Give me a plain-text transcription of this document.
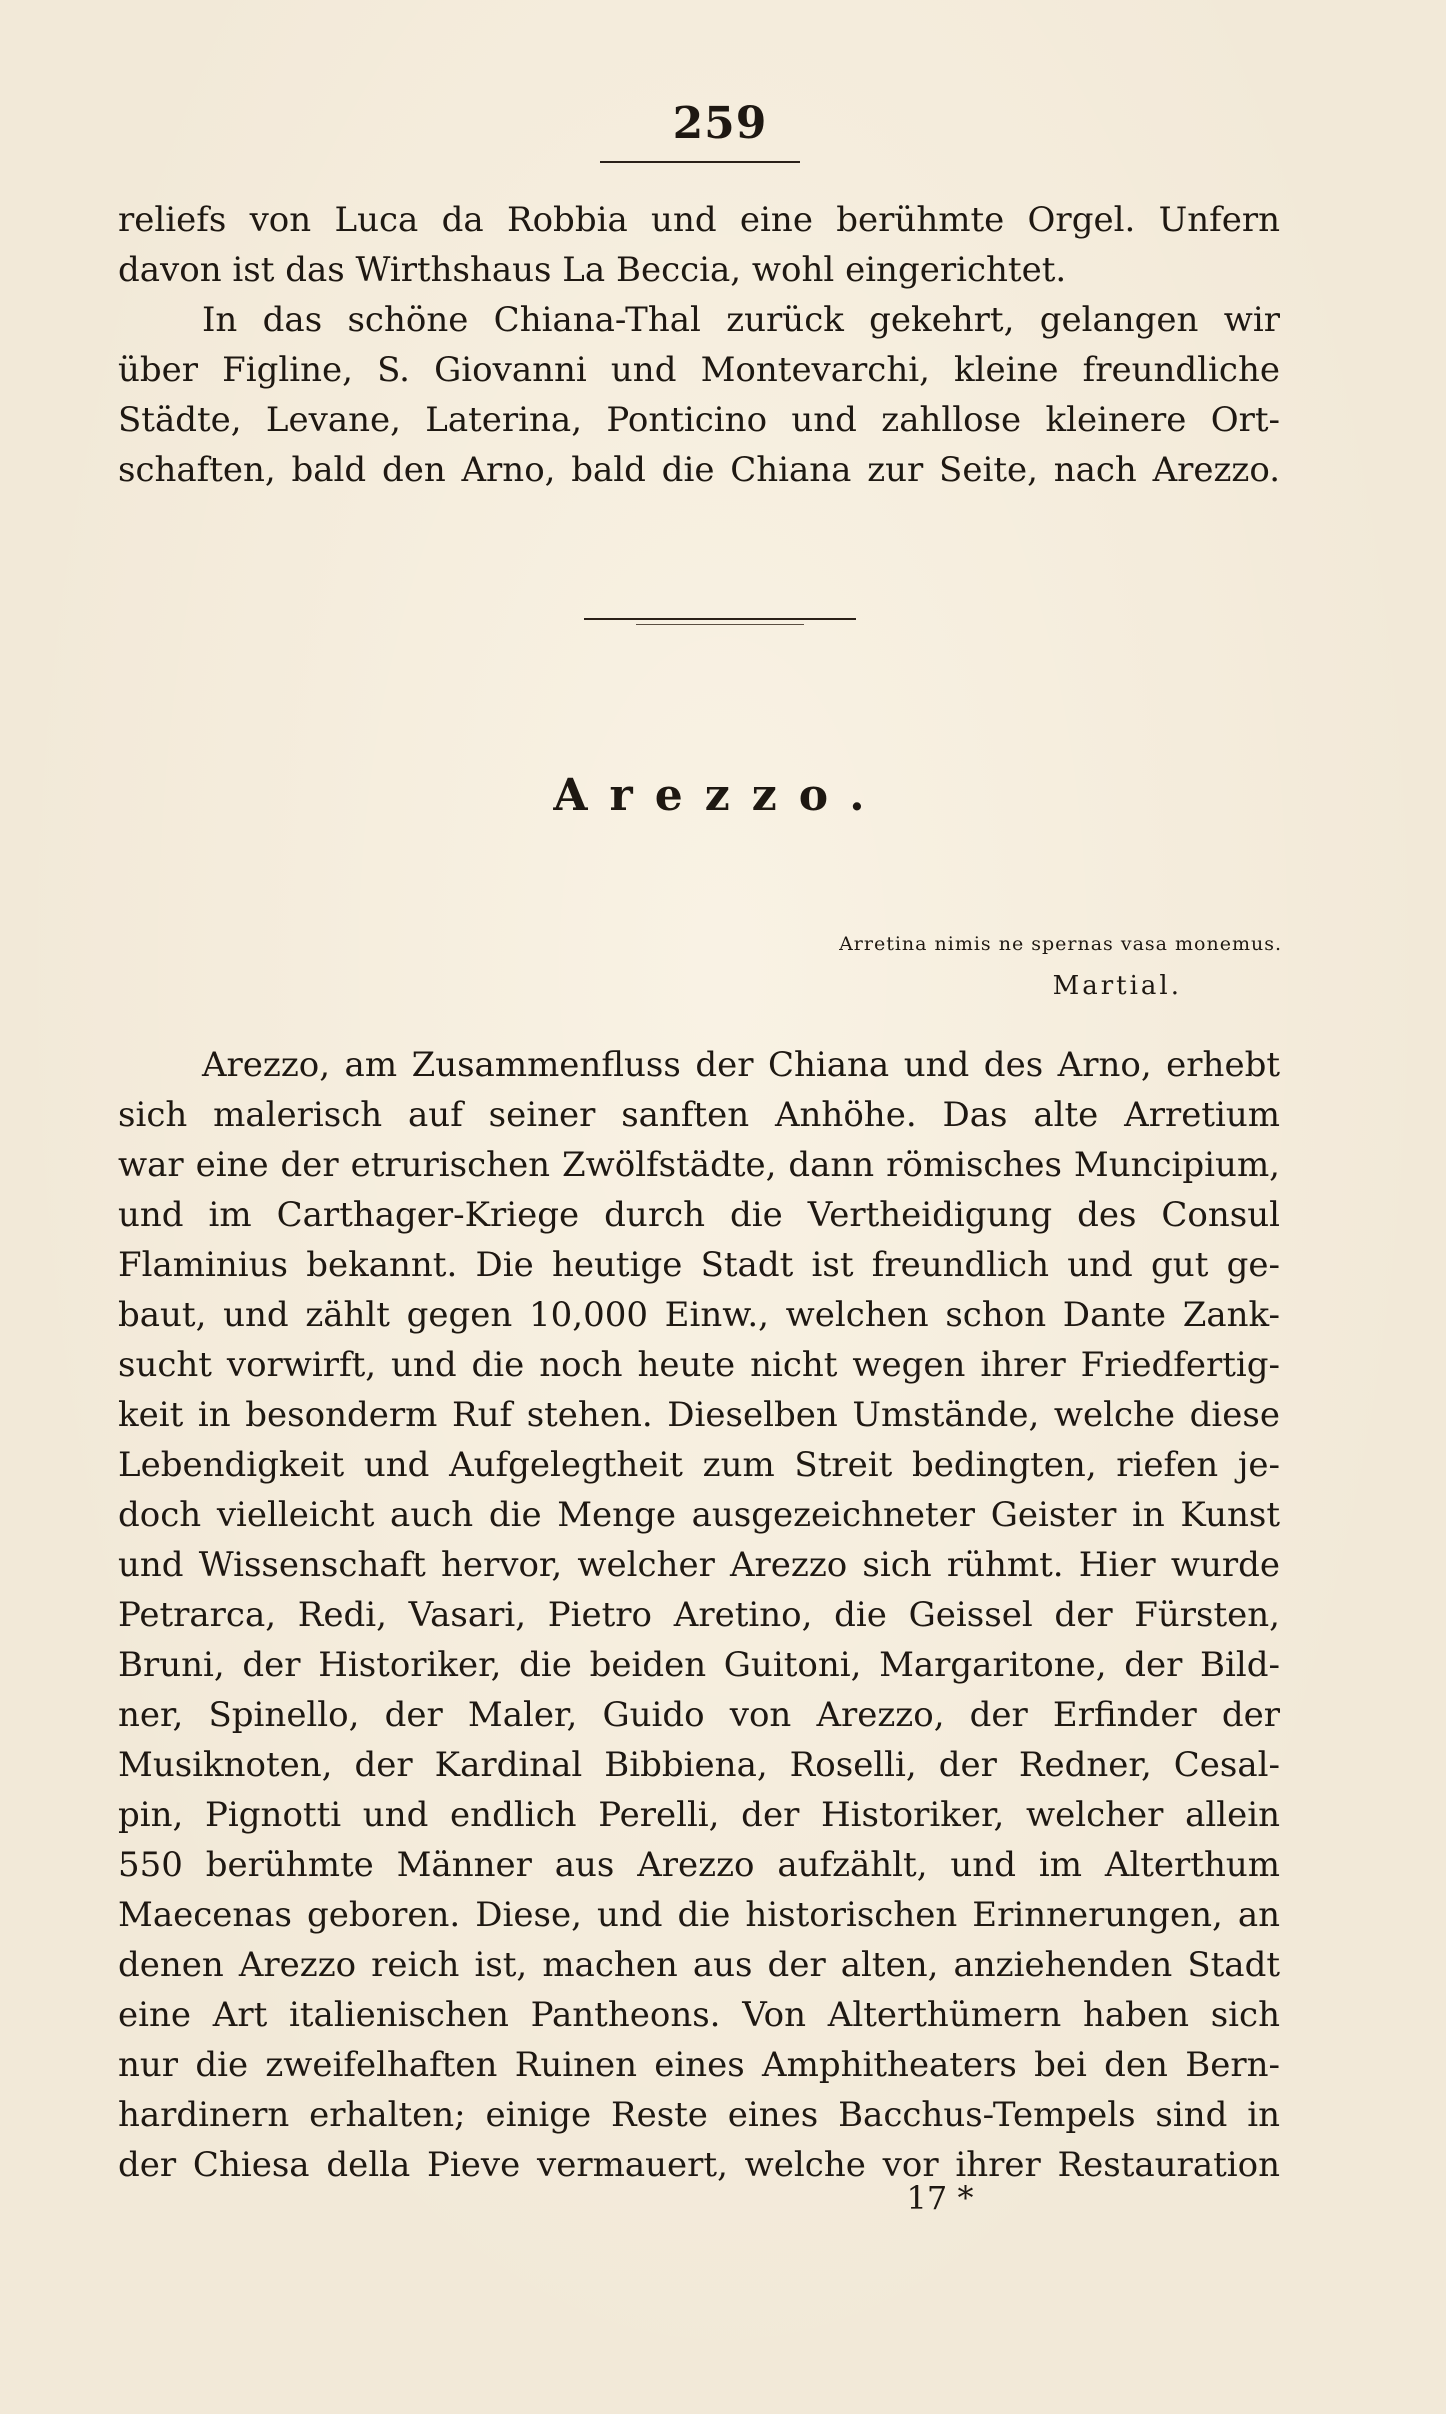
259
reliefs von Luca da Robbia und eine berühmte Orgel. Unfern
davon ist das Wirthshaus La Beccia, wohl eingerichtet.
In das schöne Chiana-Thal zurück gekehrt, gelangen wir
über Figline, S. Giovanni und Montevarchi, kleine freundliche
Städte, Levane, Laterina, Ponticino und zahllose kleinere Ort-
schaften, bald den Arno, bald die Chiana zur Seite, nach Arezzo.
Arezzo.
Arretina nimis ne spernas vasa monemus.
Martial.
Arezzo, am Zusammenfluss der Chiana und des Arno, erhebt
sich malerisch auf seiner sanften Anhöhe. Das alte Arretium
war eine der etrurischen Zwölfstädte, dann römisches Muncipium,
und im Carthager-Kriege durch die Vertheidigung des Consul
Flaminius bekannt. Die heutige Stadt ist freundlich und gut ge-
baut, und zählt gegen 10,000 Einw., welchen schon Dante Zank-
sucht vorwirft, und die noch heute nicht wegen ihrer Friedfertig-
keit in besonderm Ruf stehen. Dieselben Umstände, welche diese
Lebendigkeit und Aufgelegtheit zum Streit bedingten, riefen je-
doch vielleicht auch die Menge ausgezeichneter Geister in Kunst
und Wissenschaft hervor, welcher Arezzo sich rühmt. Hier wurde
Petrarca, Redi, Vasari, Pietro Aretino, die Geissel der Fürsten,
Bruni, der Historiker, die beiden Guitoni, Margaritone, der Bild-
ner, Spinello, der Maler, Guido von Arezzo, der Erfinder der
Musiknoten, der Kardinal Bibbiena, Roselli, der Redner, Cesal-
pin, Pignotti und endlich Perelli, der Historiker, welcher allein
550 berühmte Männer aus Arezzo aufzählt, und im Alterthum
Maecenas geboren. Diese, und die historischen Erinnerungen, an
denen Arezzo reich ist, machen aus der alten, anziehenden Stadt
eine Art italienischen Pantheons. Von Alterthümern haben sich
nur die zweifelhaften Ruinen eines Amphitheaters bei den Bern-
hardinern erhalten; einige Reste eines Bacchus-Tempels sind in
der Chiesa della Pieve vermauert, welche vor ihrer Restauration
17 *
